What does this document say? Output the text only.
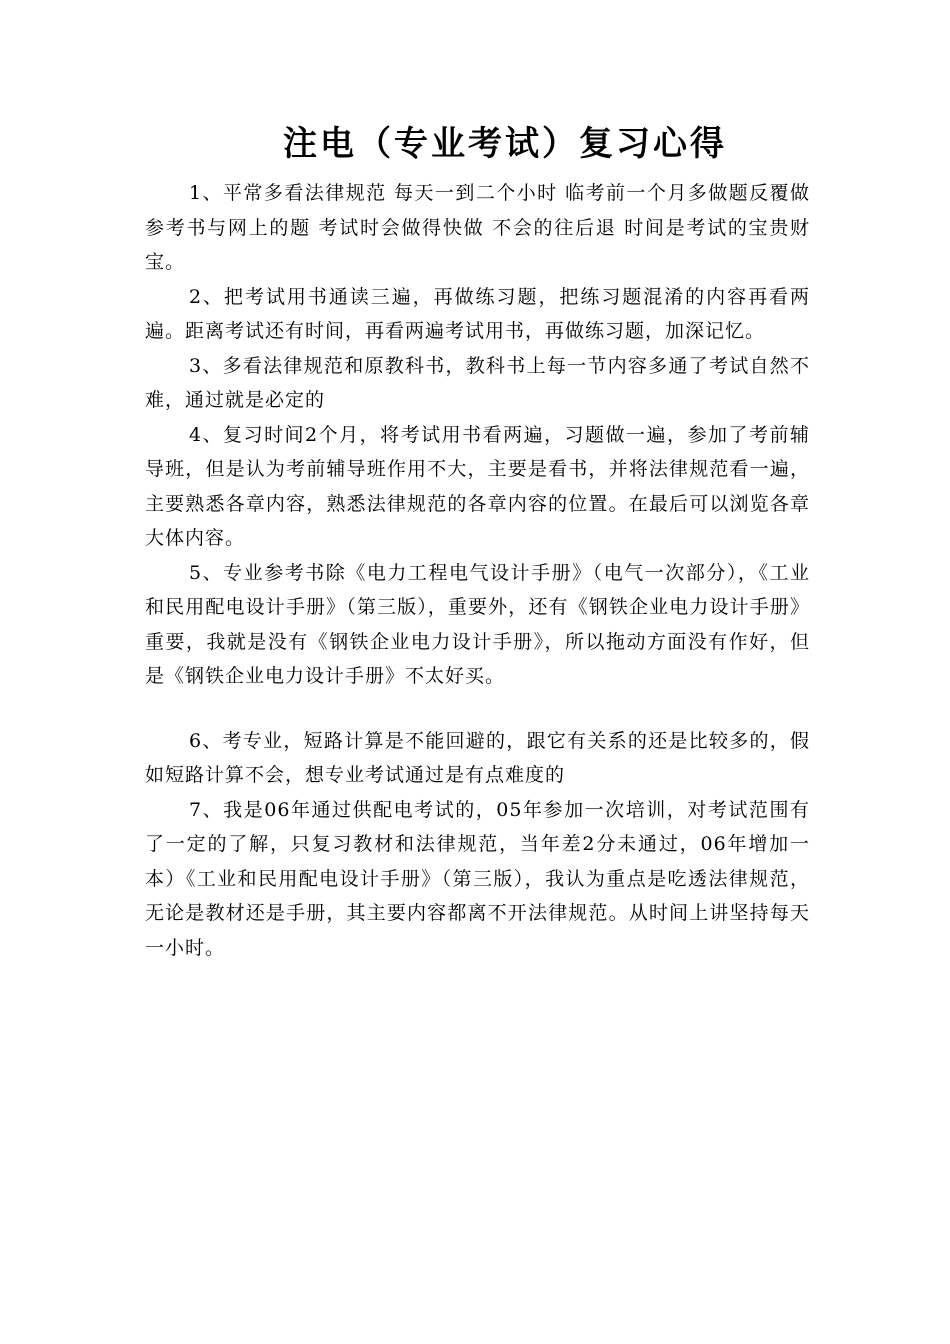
注电（专业考试）复习心得

1、平常多看法律规范 每天一到二个小时 临考前一个月多做题反覆做 参考书与网上的题 考试时会做得快做 不会的往后退 时间是考试的宝贵财宝。

2、把考试用书通读三遍，再做练习题，把练习题混淆的内容再看两遍。距离考试还有时间，再看两遍考试用书，再做练习题，加深记忆。

3、多看法律规范和原教科书，教科书上每一节内容多通了考试自然不难，通过就是必定的

4、复习时间2个月，将考试用书看两遍，习题做一遍，参加了考前辅导班，但是认为考前辅导班作用不大，主要是看书，并将法律规范看一遍，主要熟悉各章内容，熟悉法律规范的各章内容的位置。在最后可以浏览各章大体内容。

5、专业参考书除《电力工程电气设计手册》（电气一次部分），《工业和民用配电设计手册》（第三版），重要外，还有《钢铁企业电力设计手册》重要，我就是没有《钢铁企业电力设计手册》，所以拖动方面没有作好，但是《钢铁企业电力设计手册》不太好买。

6、考专业，短路计算是不能回避的，跟它有关系的还是比较多的，假如短路计算不会，想专业考试通过是有点难度的

7、我是06年通过供配电考试的，05年参加一次培训，对考试范围有了一定的了解，只复习教材和法律规范，当年差2分未通过，06年增加一本）《工业和民用配电设计手册》（第三版），我认为重点是吃透法律规范，无论是教材还是手册，其主要内容都离不开法律规范。从时间上讲坚持每天一小时。
